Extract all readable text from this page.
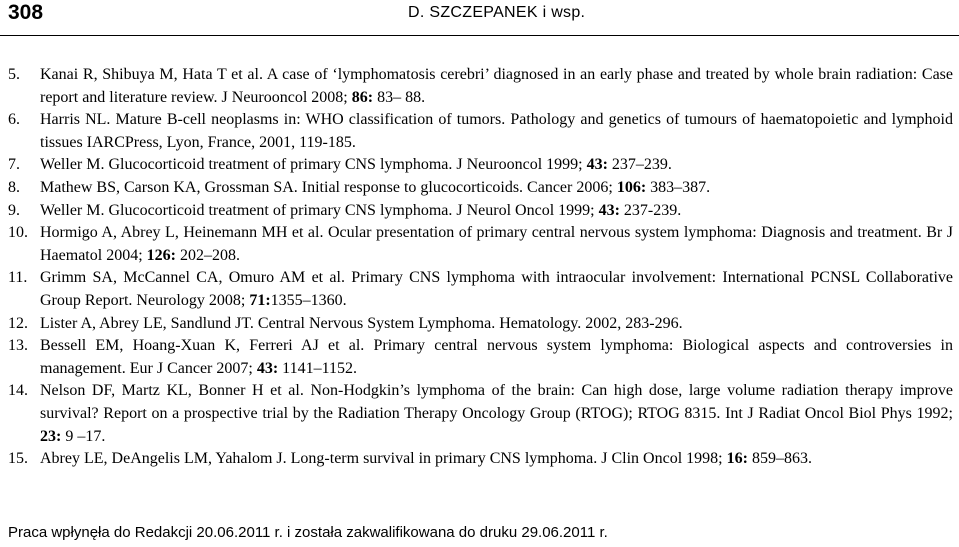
308	D. SZCZEPANEK i wsp.
5.	Kanai R, Shibuya M, Hata T et al. A case of ‘lymphomatosis cerebri’ diagnosed in an early phase and treated by whole brain radiation: Case report and literature review. J Neurooncol 2008; 86: 83– 88.
6.	Harris NL. Mature B-cell neoplasms in: WHO classification of tumors. Pathology and genetics of tumours of haematopoietic and lymphoid tissues IARCPress, Lyon, France, 2001, 119-185.
7.	Weller M. Glucocorticoid treatment of primary CNS lymphoma. J Neurooncol 1999; 43: 237–239.
8.	Mathew BS, Carson KA, Grossman SA. Initial response to glucocorticoids. Cancer 2006; 106: 383–387.
9.	Weller M. Glucocorticoid treatment of primary CNS lymphoma. J Neurol Oncol 1999; 43: 237-239.
10. Hormigo A, Abrey L, Heinemann MH et al. Ocular presentation of primary central nervous system lymphoma: Diagnosis and treatment. Br J Haematol 2004; 126: 202–208.
11. Grimm SA, McCannel CA, Omuro AM et al. Primary CNS lymphoma with intraocular involvement: International PCNSL Collaborative Group Report. Neurology 2008; 71:1355–1360.
12. Lister A, Abrey LE, Sandlund JT. Central Nervous System Lymphoma. Hematology. 2002, 283-296.
13. Bessell EM, Hoang-Xuan K, Ferreri AJ et al. Primary central nervous system lymphoma: Biological aspects and controversies in management. Eur J Cancer 2007; 43: 1141–1152.
14. Nelson DF, Martz KL, Bonner H et al. Non-Hodgkin’s lymphoma of the brain: Can high dose, large volume radiation therapy improve survival? Report on a prospective trial by the Radiation Therapy Oncology Group (RTOG); RTOG 8315. Int J Radiat Oncol Biol Phys 1992; 23: 9 –17.
15. Abrey LE, DeAngelis LM, Yahalom J. Long-term survival in primary CNS lymphoma. J Clin Oncol 1998; 16: 859–863.
Praca wpłynęła do Redakcji 20.06.2011 r. i została zakwalifikowana do druku 29.06.2011 r.
